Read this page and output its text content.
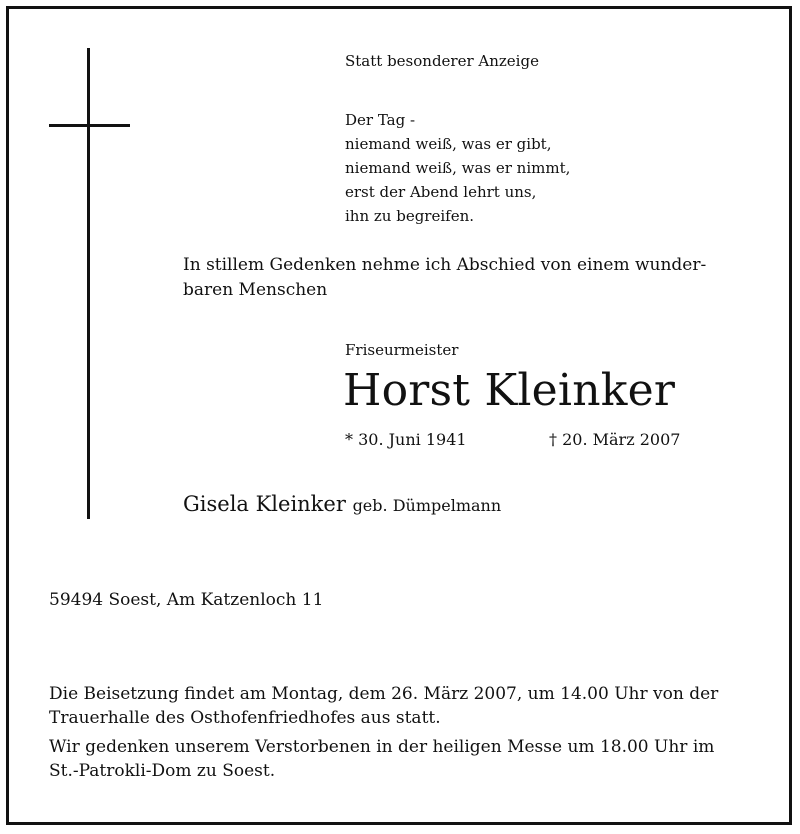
Statt besonderer Anzeige
Der Tag -
niemand weiß, was er gibt,
niemand weiß, was er nimmt,
erst der Abend lehrt uns,
ihn zu begreifen.
In stillem Gedenken nehme ich Abschied von einem wunder-
baren Menschen
Friseurmeister
Horst Kleinker
* 30. Juni 1941	† 20. März 2007
Gisela Kleinker geb. Dümpelmann
59494 Soest, Am Katzenloch 11
Die Beisetzung findet am Montag, dem 26. März 2007, um 14.00 Uhr von der
Trauerhalle des Osthofenfriedhofes aus statt.
Wir gedenken unserem Verstorbenen in der heiligen Messe um 18.00 Uhr im
St.-Patrokli-Dom zu Soest.
